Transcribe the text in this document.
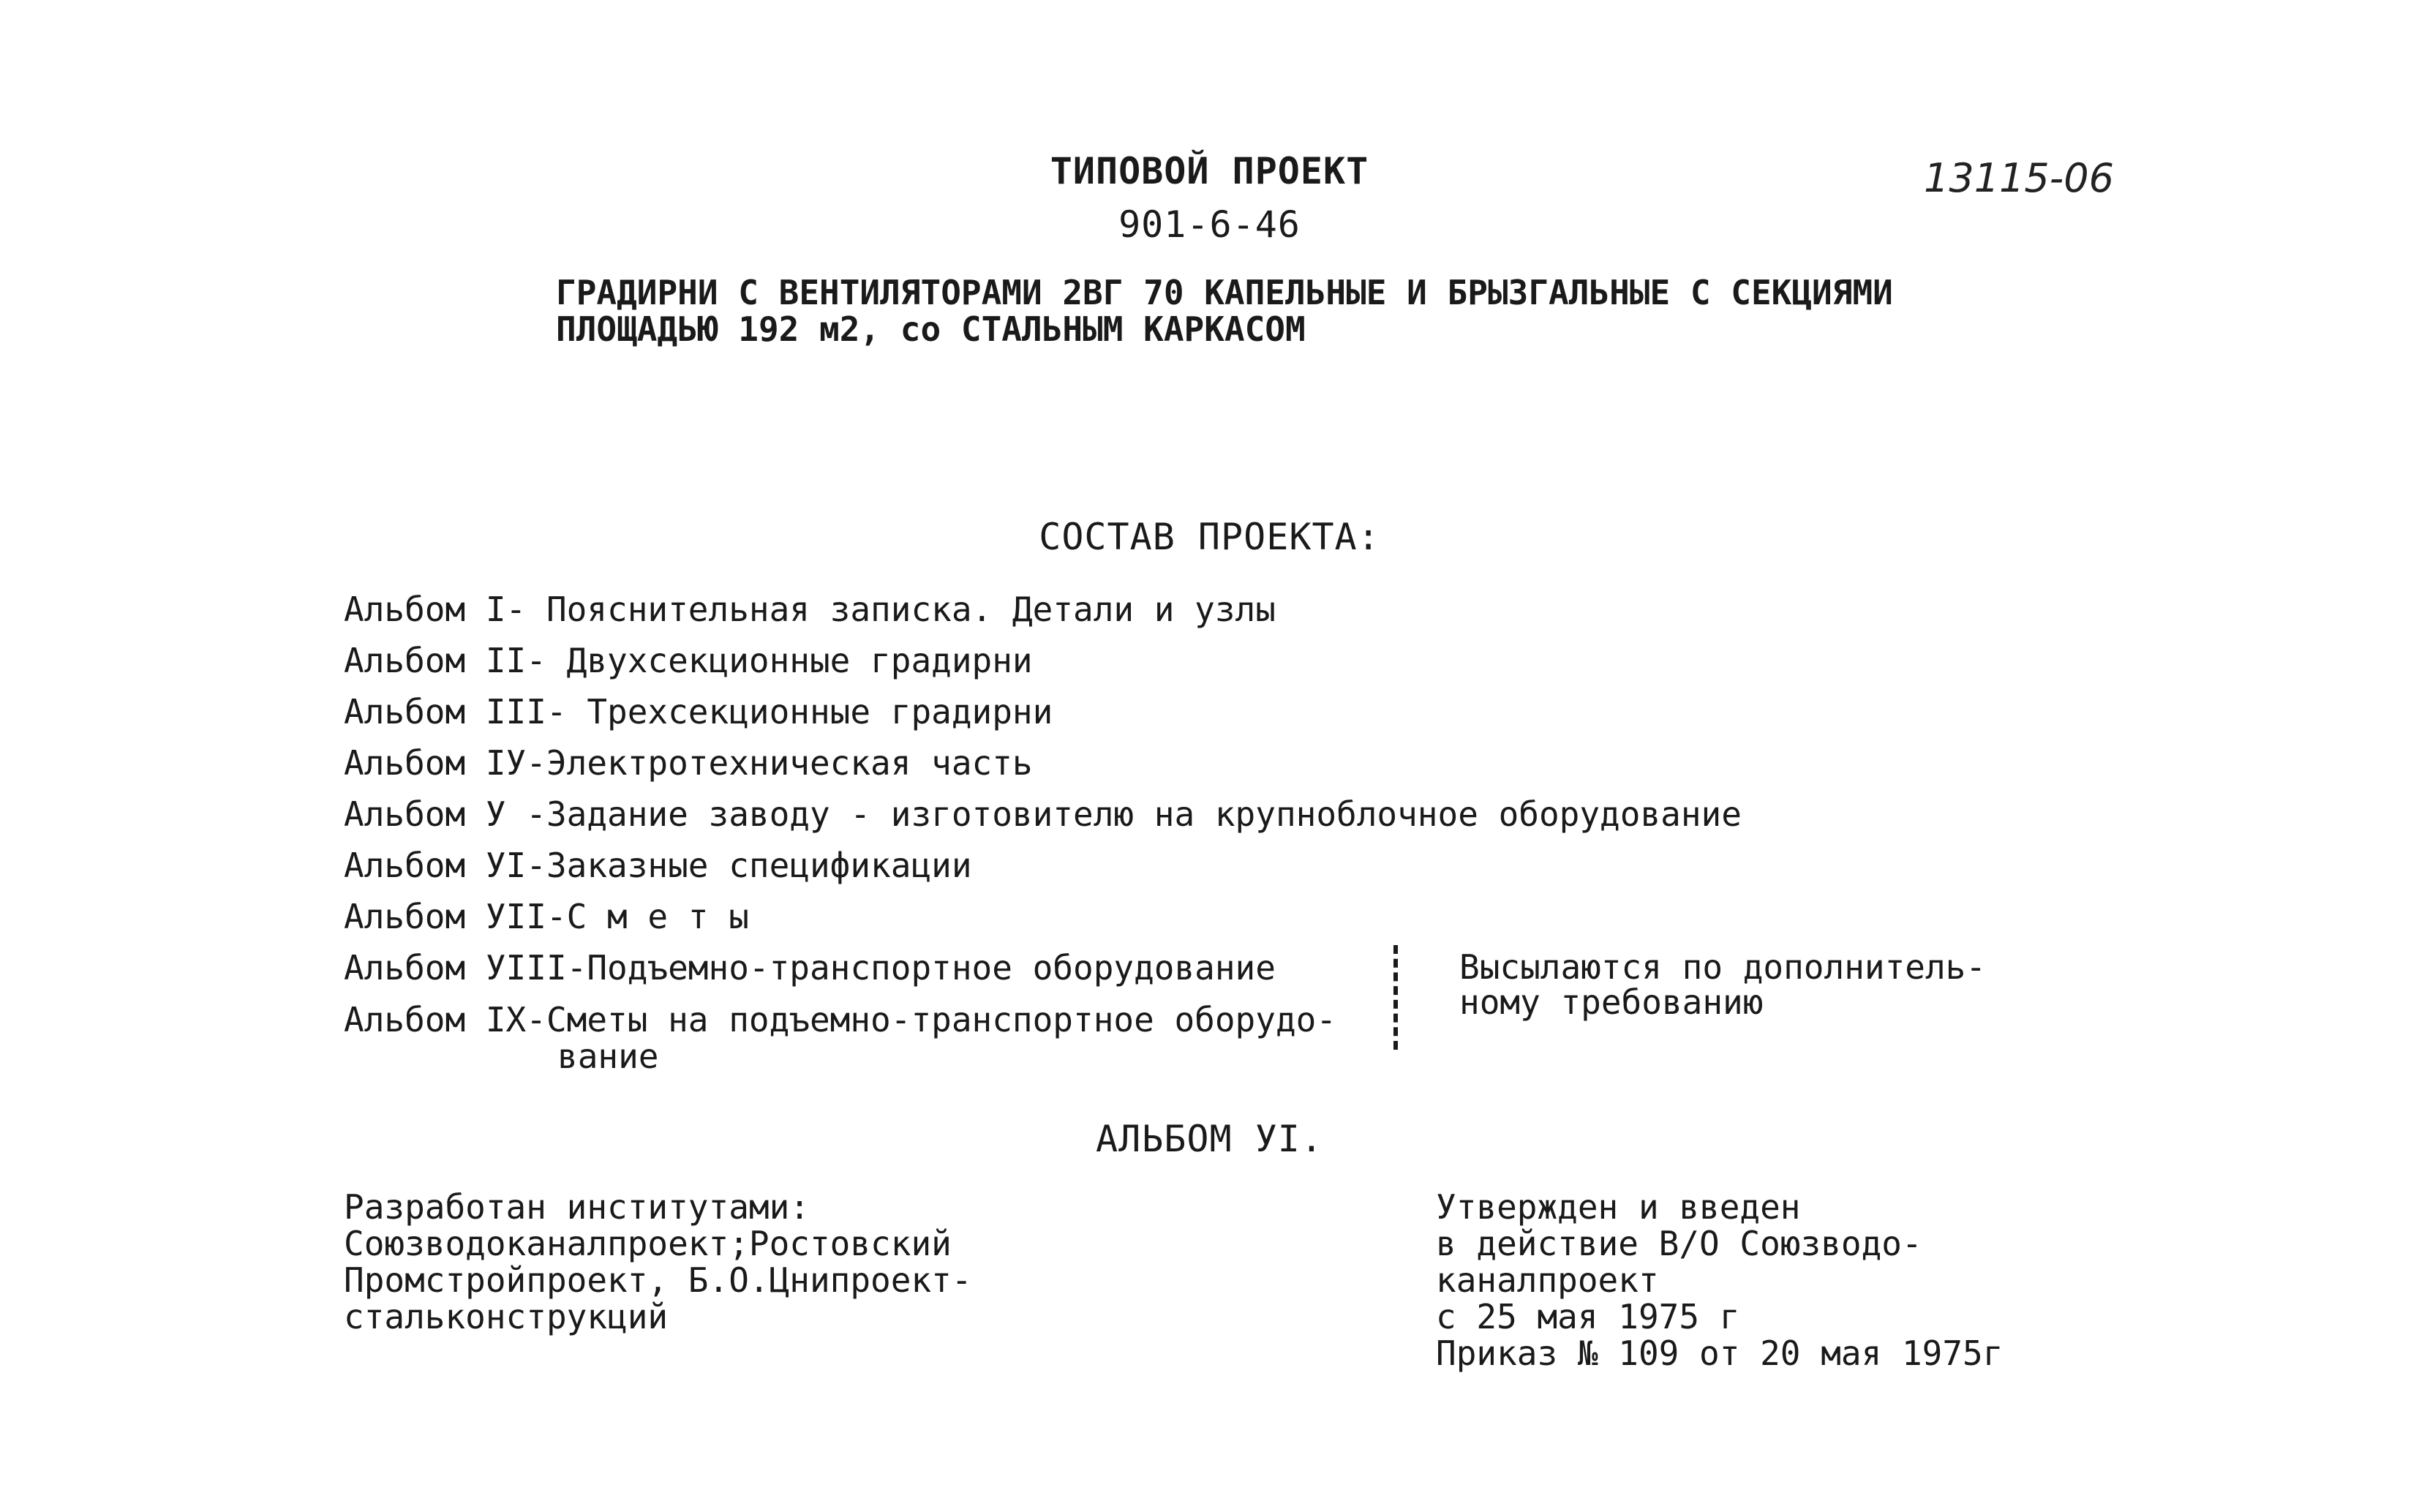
ТИПОВОЙ ПРОЕКТ
901-6-46
13115-06
ГРАДИРНИ С ВЕНТИЛЯТОРАМИ 2ВГ 70 КАПЕЛЬНЫЕ И БРЫЗГАЛЬНЫЕ С СЕКЦИЯМИ
ПЛОЩАДЬЮ 192 м2, со СТАЛЬНЫМ КАРКАСОМ
СОСТАВ ПРОЕКТА:
Альбом I- Пояснительная записка. Детали и узлы
Альбом II- Двухсекционные градирни
Альбом III- Трехсекционные градирни
Альбом IУ-Электротехническая часть
Альбом У -Задание заводу - изготовителю на крупноблочное оборудование
Альбом УI-Заказные спецификации
Альбом УII-С м е т ы
Альбом УIII-Подъемно-транспортное оборудование
Альбом IХ-Сметы на подъемно-транспортное оборудо-
вание
Высылаются по дополнитель-
ному требованию
АЛЬБОМ УI.
Разработан институтами:
Союзводоканалпроект;Ростовский
Промстройпроект, Б.О.Цнипроект-
стальконструкций
Утвержден и введен
в действие В/О Союзводо-
каналпроект
с 25 мая 1975 г
Приказ № 109 от 20 мая 1975г
